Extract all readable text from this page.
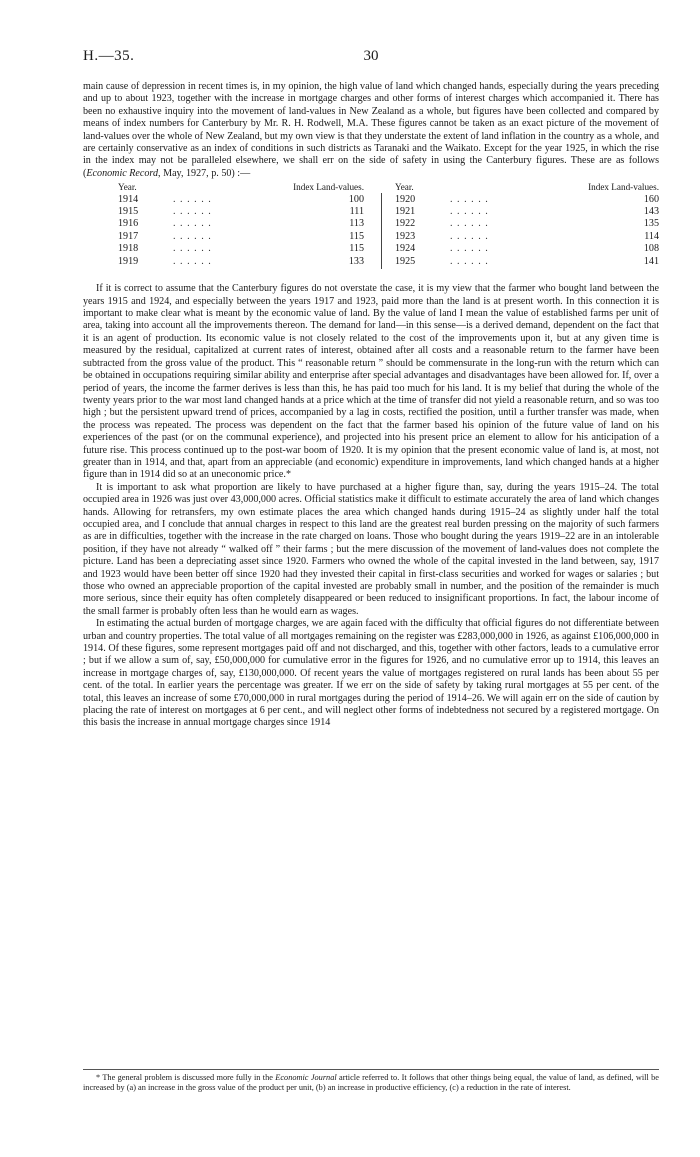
H.—35.	30

main cause of depression in recent times is, in my opinion, the high value of land which changed hands, especially during the years preceding and up to about 1923, together with the increase in mortgage charges and other forms of interest charges which accompanied it. There has been no exhaustive inquiry into the movement of land-values in New Zealand as a whole, but figures have been collected and compared by means of index numbers for Canterbury by Mr. R. H. Rodwell, M.A. These figures cannot be taken as an exact picture of the movement of land-values over the whole of New Zealand, but my own view is that they understate the extent of land inflation in the country as a whole, and are certainly conservative as an index of conditions in such districts as Taranaki and the Waikato. Except for the year 1925, in which the rise in the index may not be paralleled elsewhere, we shall err on the side of safety in using the Canterbury figures. These are as follows (Economic Record, May, 1927, p. 50) :—

Year.	Index Land-values.
1914	. . . . . .	100
1915	. . . . . .	111
1916	. . . . . .	113
1917	. . . . . .	115
1918	. . . . . .	115
1919	. . . . . .	133
Year.	Index Land-values.
1920	. . . . . .	160
1921	. . . . . .	143
1922	. . . . . .	135
1923	. . . . . .	114
1924	. . . . . .	108
1925	. . . . . .	141

If it is correct to assume that the Canterbury figures do not overstate the case, it is my view that the farmer who bought land between the years 1915 and 1924, and especially between the years 1917 and 1923, paid more than the land is at present worth. In this connection it is important to make clear what is meant by the economic value of land. By the value of land I mean the value of established farms per unit of area, taking into account all the improvements thereon. The demand for land—in this sense—is a derived demand, dependent on the fact that it is an agent of production. Its economic value is not closely related to the cost of the improvements upon it, but at any given time is measured by the residual, capitalized at current rates of interest, obtained after all costs and a reasonable return to the farmer have been subtracted from the gross value of the product. This “ reasonable return ” should be commensurate in the long-run with the return which can be obtained in occupations requiring similar ability and enterprise after special advantages and disadvantages have been allowed for. If, over a period of years, the income the farmer derives is less than this, he has paid too much for his land. It is my belief that during the whole of the twenty years prior to the war most land changed hands at a price which at the time of transfer did not yield a reasonable return, and so was too high ; but the persistent upward trend of prices, accompanied by a lag in costs, rectified the position, until a further transfer was made, when the process was repeated. The process was dependent on the fact that the farmer based his opinion of the future value of land on his experiences of the past (or on the communal experience), and projected into his present price an element to allow for his anticipation of a future rise. This process continued up to the post-war boom of 1920. It is my opinion that the present economic value of land is, at most, not greater than in 1914, and that, apart from an appreciable (and economic) expenditure in improvements, land which changed hands at a higher figure than in 1914 did so at an uneconomic price.*

It is important to ask what proportion are likely to have purchased at a higher figure than, say, during the years 1915–24. The total occupied area in 1926 was just over 43,000,000 acres. Official statistics make it difficult to estimate accurately the area of land which changes hands. Allowing for retransfers, my own estimate places the area which changed hands during 1915–24 as slightly under half the total occupied area, and I conclude that annual charges in respect to this land are the greatest real burden pressing on the majority of such farmers as are in difficulties, together with the increase in the rate charged on loans. Those who bought during the years 1919–22 are in an intolerable position, if they have not already “ walked off ” their farms ; but the mere discussion of the movement of land-values does not complete the picture. Land has been a depreciating asset since 1920. Farmers who owned the whole of the capital invested in the land between, say, 1917 and 1923 would have been better off since 1920 had they invested their capital in first-class securities and worked for wages or salaries ; but those who owned an appreciable proportion of the capital invested are probably small in number, and the position of the remainder is much more serious, since their equity has often completely disappeared or been reduced to insignificant proportions. In fact, the labour income of the small farmer is probably often less than he would earn as wages.

In estimating the actual burden of mortgage charges, we are again faced with the difficulty that official figures do not differentiate between urban and country properties. The total value of all mortgages remaining on the register was £283,000,000 in 1926, as against £106,000,000 in 1914. Of these figures, some represent mortgages paid off and not discharged, and this, together with other factors, leads to a cumulative error ; but if we allow a sum of, say, £50,000,000 for cumulative error in the figures for 1926, and no cumulative error up to 1914, this leaves an increase in mortgage charges of, say, £130,000,000. Of recent years the value of mortgages registered on rural lands has been about 55 per cent. of the total. In earlier years the percentage was greater. If we err on the side of safety by taking rural mortgages at 55 per cent. of the total, this leaves an increase of some £70,000,000 in rural mortgages during the period of 1914–26. We will again err on the side of caution by placing the rate of interest on mortgages at 6 per cent., and will neglect other forms of indebtedness not secured by a registered mortgage. On this basis the increase in annual mortgage charges since 1914

* The general problem is discussed more fully in the Economic Journal article referred to. It follows that other things being equal, the value of land, as defined, will be increased by (a) an increase in the gross value of the product per unit, (b) an increase in productive efficiency, (c) a reduction in the rate of interest.
